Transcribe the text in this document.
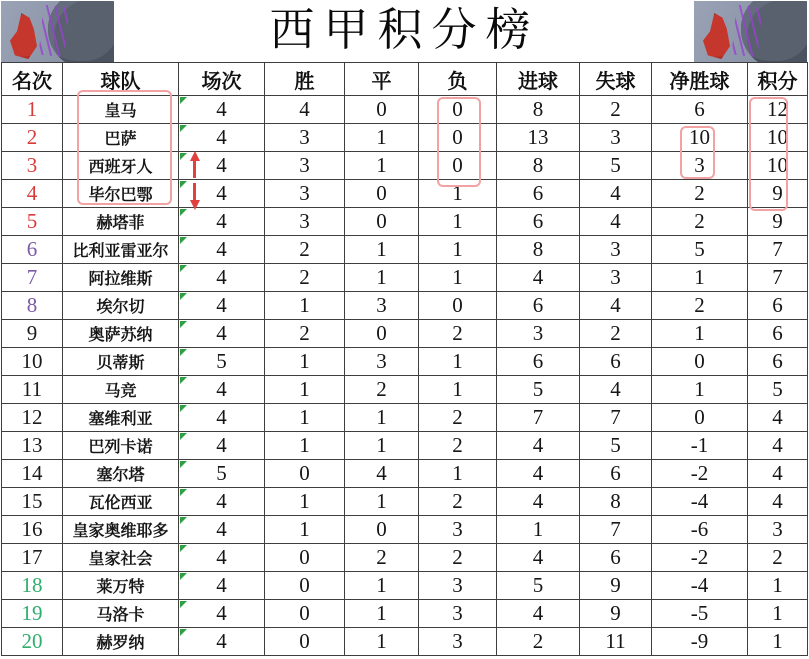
西甲积分榜
名次	球队	场次	胜	平	负	进球	失球	净胜球	积分
1	皇马	4	4	0	0	8	2	6	12
2	巴萨	4	3	1	0	13	3	10	10
3	西班牙人	4	3	1	0	8	5	3	10
4	毕尔巴鄂	4	3	0	1	6	4	2	9
5	赫塔菲	4	3	0	1	6	4	2	9
6	比利亚雷亚尔	4	2	1	1	8	3	5	7
7	阿拉维斯	4	2	1	1	4	3	1	7
8	埃尔切	4	1	3	0	6	4	2	6
9	奥萨苏纳	4	2	0	2	3	2	1	6
10	贝蒂斯	5	1	3	1	6	6	0	6
11	马竞	4	1	2	1	5	4	1	5
12	塞维利亚	4	1	1	2	7	7	0	4
13	巴列卡诺	4	1	1	2	4	5	-1	4
14	塞尔塔	5	0	4	1	4	6	-2	4
15	瓦伦西亚	4	1	1	2	4	8	-4	4
16	皇家奥维耶多	4	1	0	3	1	7	-6	3
17	皇家社会	4	0	2	2	4	6	-2	2
18	莱万特	4	0	1	3	5	9	-4	1
19	马洛卡	4	0	1	3	4	9	-5	1
20	赫罗纳	4	0	1	3	2	11	-9	1
